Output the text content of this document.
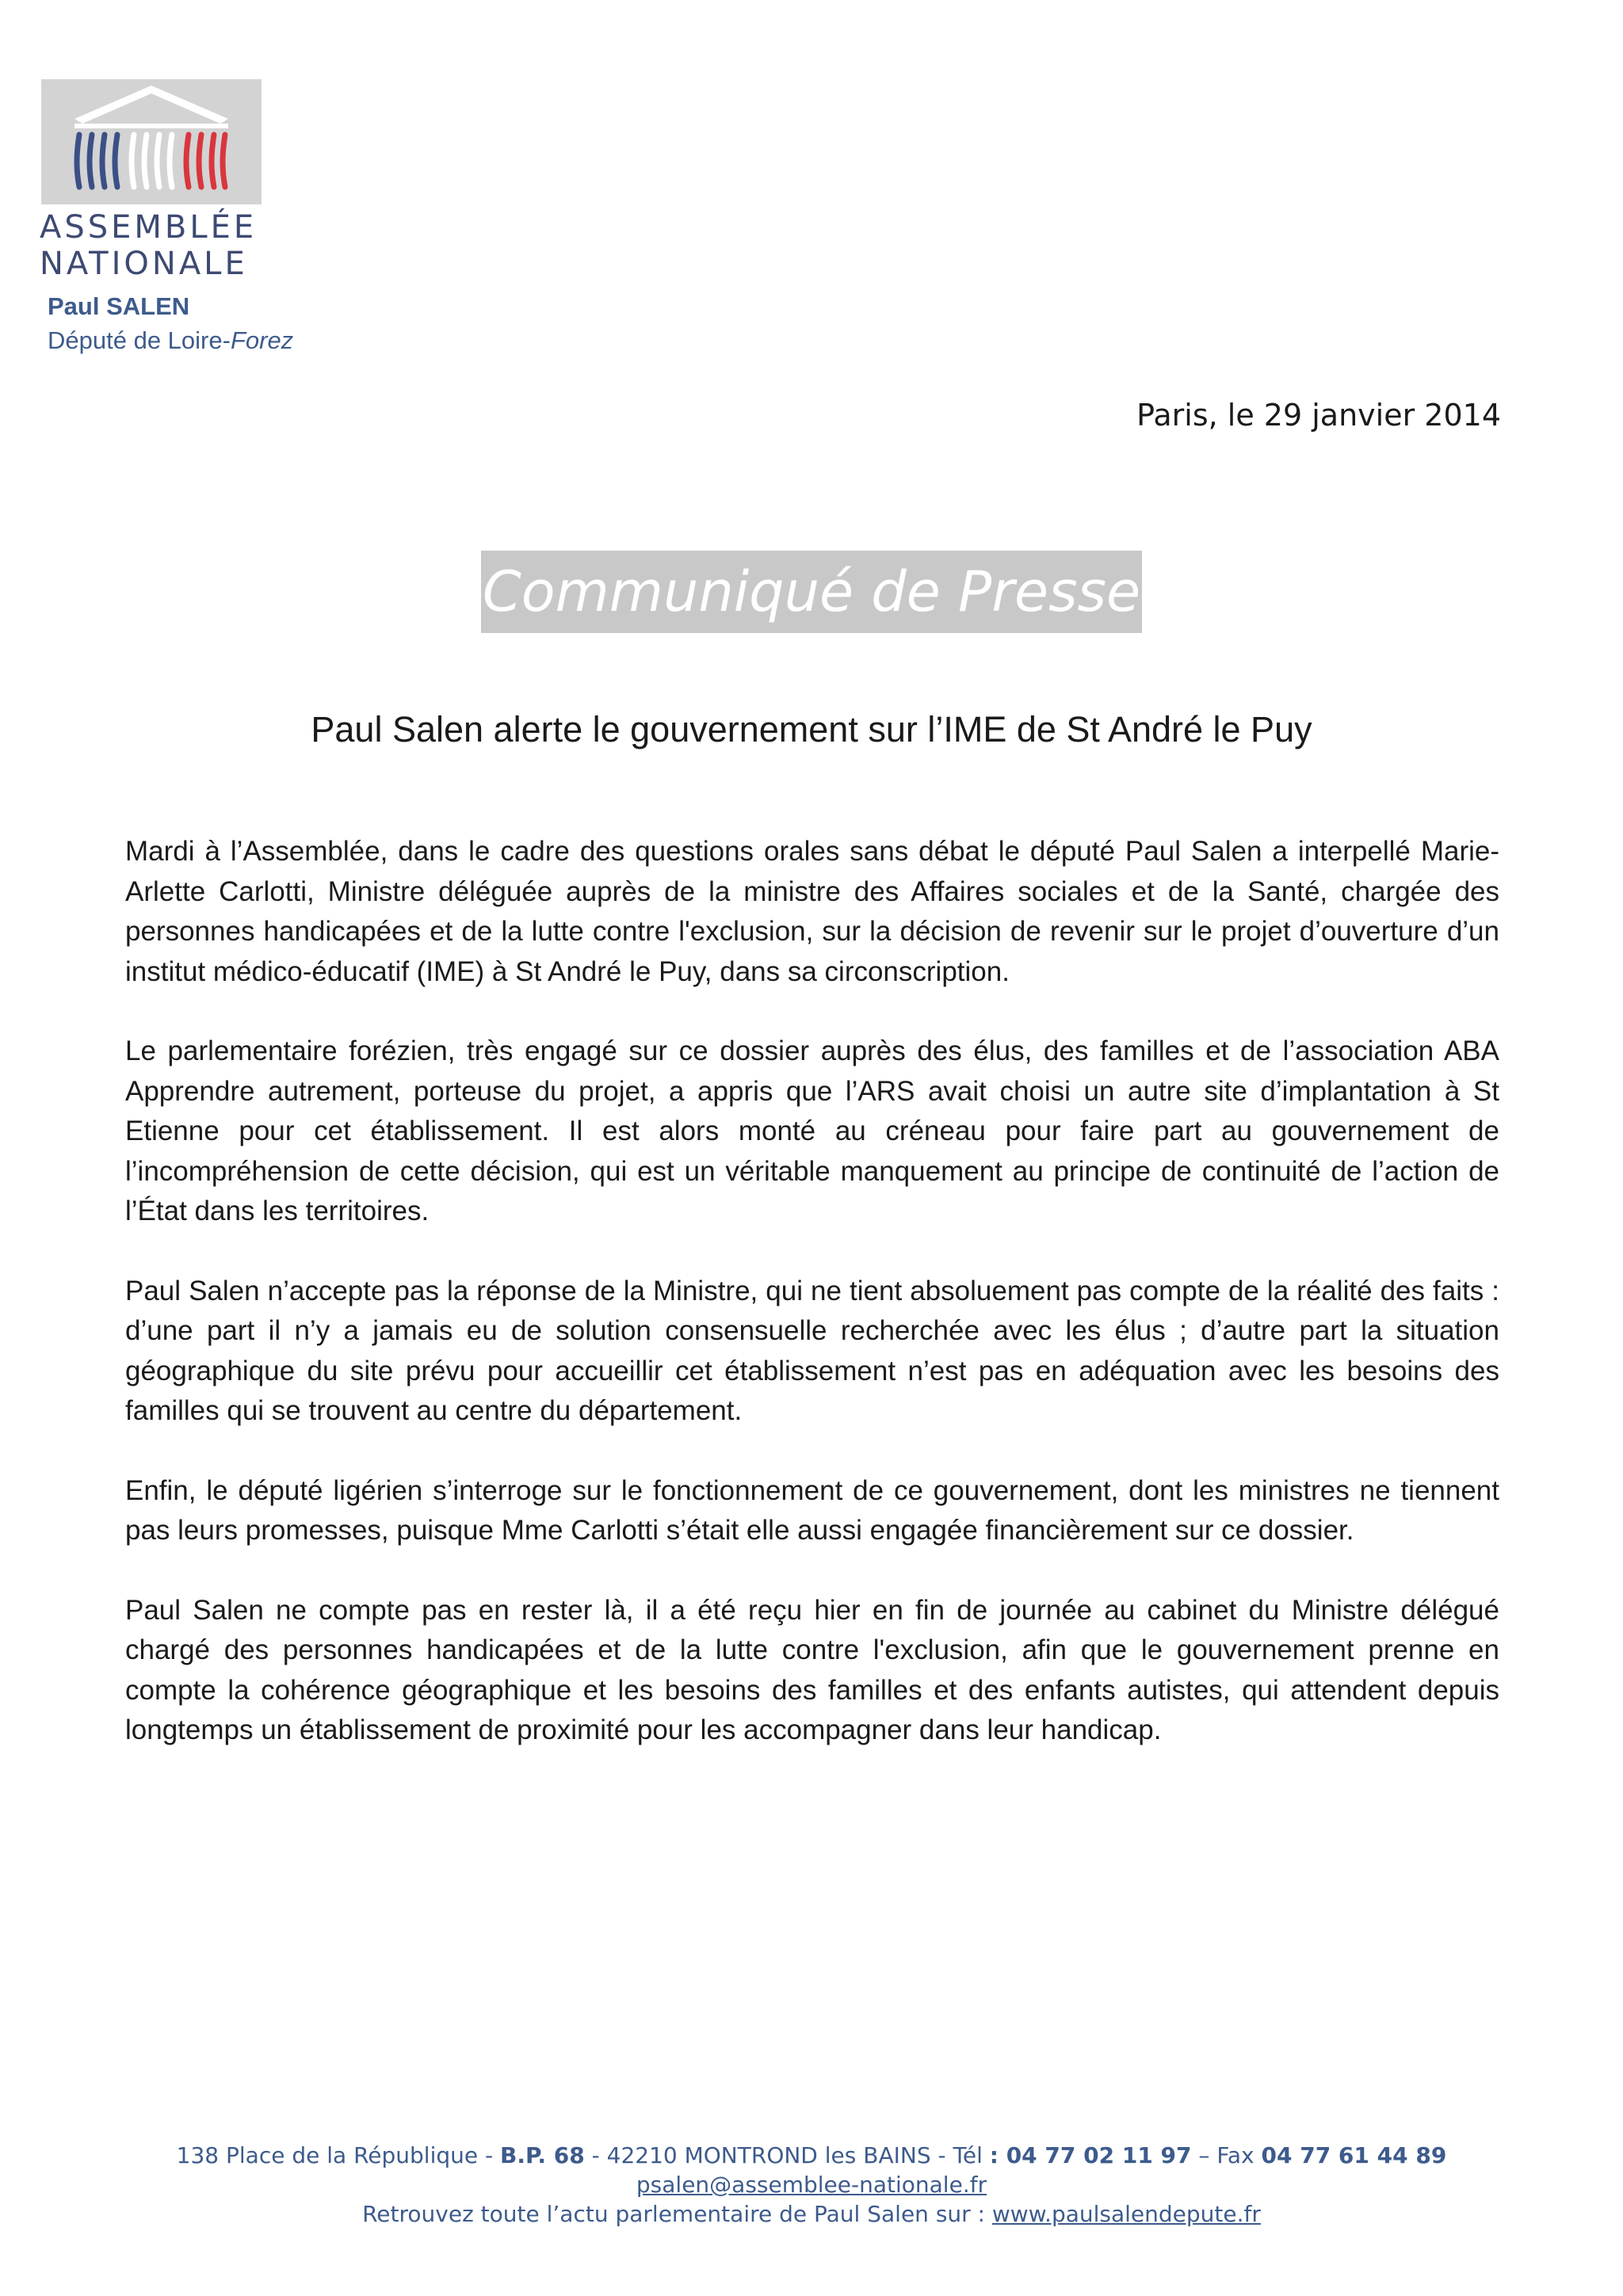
ASSEMBLÉE
NATIONALE
Paul SALEN
Député de Loire-Forez
Paris, le 29 janvier 2014
Communiqué de Presse
Paul Salen alerte le gouvernement sur l’IME de St André le Puy

Mardi à l’Assemblée, dans le cadre des questions orales sans débat le député Paul Salen a interpellé Marie-Arlette Carlotti, Ministre déléguée auprès de la ministre des Affaires sociales et de la Santé, chargée des personnes handicapées et de la lutte contre l'exclusion, sur la décision de revenir sur le projet d’ouverture d’un institut médico-éducatif (IME) à St André le Puy, dans sa circonscription.

Le parlementaire forézien, très engagé sur ce dossier auprès des élus, des familles et de l’association ABA Apprendre autrement, porteuse du projet, a appris que l’ARS avait choisi un autre site d’implantation à St Etienne pour cet établissement. Il est alors monté au créneau pour faire part au gouvernement de l’incompréhension de cette décision, qui est un véritable manquement au principe de continuité de l’action de l’État dans les territoires.

Paul Salen n’accepte pas la réponse de la Ministre, qui ne tient absoluement pas compte de la réalité des faits : d’une part il n’y a jamais eu de solution consensuelle recherchée avec les élus ; d’autre part la situation géographique du site prévu pour accueillir cet établissement n’est pas en adéquation avec les besoins des familles qui se trouvent au centre du département.

Enfin, le député ligérien s’interroge sur le fonctionnement de ce gouvernement, dont les ministres ne tiennent pas leurs promesses, puisque Mme Carlotti s’était elle aussi engagée financièrement sur ce dossier.

Paul Salen ne compte pas en rester là, il a été reçu hier en fin de journée au cabinet du Ministre délégué chargé des personnes handicapées et de la lutte contre l'exclusion, afin que le gouvernement prenne en compte la cohérence géographique et les besoins des familles et des enfants autistes, qui attendent depuis longtemps un établissement de proximité pour les accompagner dans leur handicap.

138 Place de la République - B.P. 68 - 42210 MONTROND les BAINS - Tél : 04 77 02 11 97 – Fax 04 77 61 44 89
psalen@assemblee-nationale.fr
Retrouvez toute l’actu parlementaire de Paul Salen sur : www.paulsalendepute.fr
